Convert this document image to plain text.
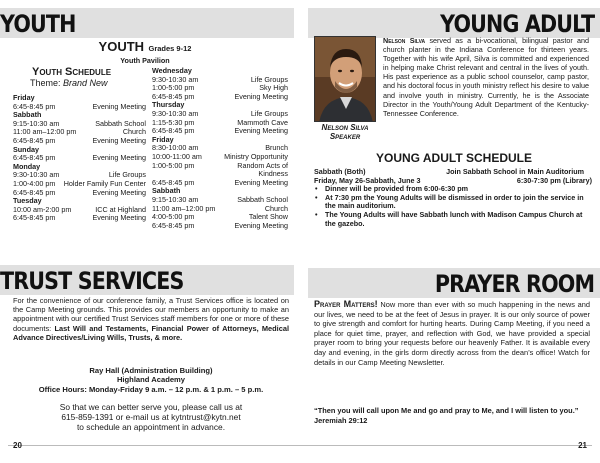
YOUTH
YOUTH Grades 9-12
Youth Pavilion
Youth Schedule
Theme: Brand New
Friday
6:45-8:45 pm	Evening Meeting
Sabbath
9:15-10:30 am	Sabbath School
11:00 am–12:00 pm	Church
6:45-8:45 pm	Evening Meeting
Sunday
6:45-8:45 pm	Evening Meeting
Monday
9:30-10:30 am	Life Groups
1:00-4:00 pm Holder Family Fun Center
6:45-8:45 pm	Evening Meeting
Tuesday
10:00 am-2:00 pm	ICC at Highland
6:45-8:45 pm	Evening Meeting
Wednesday
9:30-10:30 am	Life Groups
1:00-5:00 pm	Sky High
6:45-8:45 pm	Evening Meeting
Thursday
9:30-10:30 am	Life Groups
1:15-5:30 pm	Mammoth Cave
6:45-8:45 pm	Evening Meeting
Friday
8:30-10:00 am	Brunch
10:00-11:00 am	Ministry Opportunity
1:00-5:00 pm	Random Acts of
Kindness
6:45-8:45 pm	Evening Meeting
Sabbath
9:15-10:30 am	Sabbath School
11:00 am–12:00 pm	Church
4:00-5:00 pm	Talent Show
6:45-8:45 pm	Evening Meeting
YOUNG ADULT
Nelson Silva
Speaker
Nelson Silva served as a bi-vocational, bilingual pastor and church planter in the Indiana Conference for thirteen years. Together with his wife April, Silva is committed and experienced in helping make Christ relevant and central in the lives of youth. His past experience as a public school counselor, camp pastor, and his doctoral focus in youth ministry reflect his desire to value and involve youth in ministry. Currently, he is the Associate Director in the Youth/Young Adult Department of the Kentucky-Tennessee Conference.
YOUNG ADULT SCHEDULE
Sabbath (Both)	Join Sabbath School in Main Auditorium
Friday, May 26-Sabbath, June 3	6:30-7:30 pm (Library)
• Dinner will be provided from 6:00-6:30 pm
• At 7:30 pm the Young Adults will be dismissed in order to join the service in the main auditorium.
• The Young Adults will have Sabbath lunch with Madison Campus Church at the gazebo.
TRUST SERVICES
For the convenience of our conference family, a Trust Services office is located on the Camp Meeting grounds. This provides our members an opportunity to make an appointment with our certified Trust Services staff members for one or more of these documents: Last Will and Testaments, Financial Power of Attorneys, Medical Advance Directives/Living Wills, Trusts, & more.
Ray Hall (Administration Building)
Highland Academy
Office Hours: Monday-Friday 9 a.m. – 12 p.m. & 1 p.m. – 5 p.m.
So that we can better serve you, please call us at
615-859-1391 or e-mail us at kytntrust@kytn.net
to schedule an appointment in advance.
PRAYER ROOM
Prayer Matters! Now more than ever with so much happening in the news and our lives, we need to be at the feet of Jesus in prayer. It is our only source of power to give strength and comfort for hurting hearts. During Camp Meeting, if you need a place for quiet time, prayer, and reflection with God, we have provided a special prayer room to bring your requests before our heavenly Father. It is available every day and evening, in the girls dorm directly across from the dean’s office! Watch for details in our Camp Meeting Newsletter.
“Then you will call upon Me and go and pray to Me, and I will listen to you.” Jeremiah 29:12
20	21
